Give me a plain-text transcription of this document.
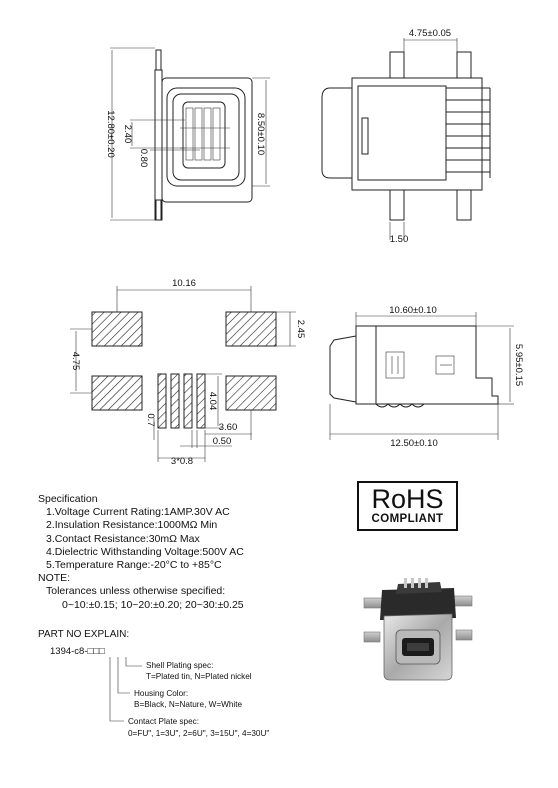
12.80±0.20 2.40
0.80
8.50±0.10
4.75±0.05
1.50
10.16
2.45
4.75
4.04
0.7
3.60
0.50
3*0.8
10.60±0.10
5.95±0.15
12.50±0.10
Specification
1.Voltage Current Rating:1AMP.30V AC
2.Insulation Resistance:1000MΩ Min
3.Contact Resistance:30mΩ Max
4.Dielectric Withstanding Voltage:500V AC
5.Temperature Range:-20°C to +85°C
NOTE:
Tolerances unless otherwise specified:
0~10:±0.15; 10~20:±0.20; 20~30:±0.25
PART NO EXPLAIN:
1394-c8-□□□
Shell Plating spec:
T=Plated tin, N=Plated nickel
Housing Color:
B=Black, N=Nature, W=White
Contact Plate spec:
0=FU", 1=3U", 2=6U", 3=15U", 4=30U"
RoHS
COMPLIANT
